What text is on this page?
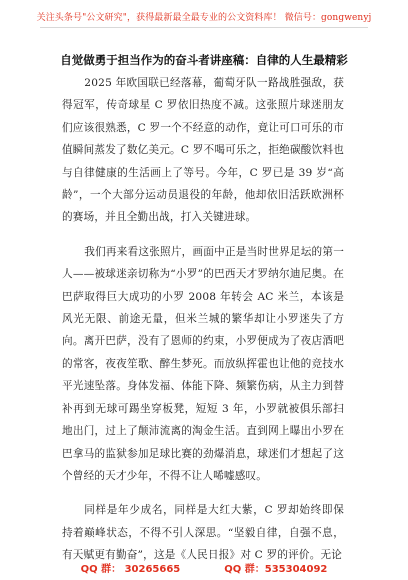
关注头条号"公文研究"，获得最新最全最专业的公文资料库！ 微信号：gongwenyj
自觉做勇于担当作为的奋斗者讲座稿：自律的人生最精彩

2025 年欧国联已经落幕，葡萄牙队一路战胜强敌，获得冠军，传奇球星 C 罗依旧热度不减。这张照片球迷朋友们应该很熟悉，C 罗一个不经意的动作，竟让可口可乐的市值瞬间蒸发了数亿美元。C 罗不喝可乐之，拒绝碳酸饮料也与自律健康的生活画上了等号。今年，C 罗已是 39 岁“高龄”，一个大部分运动员退役的年龄，他却依旧活跃欧洲杯的赛场，并且全勤出战，打入关键进球。

我们再来看这张照片，画面中正是当时世界足坛的第一人——被球迷亲切称为“小罗”的巴西天才罗纳尔迪尼奥。在巴萨取得巨大成功的小罗 2008 年转会 AC 米兰，本该是风光无限、前途无量，但米兰城的繁华却让小罗迷失了方向。离开巴萨，没有了恩师的约束，小罗便成为了夜店酒吧的常客，夜夜笙歌、醉生梦死。而放纵挥霍也让他的竞技水平光速坠落。身体发福、体能下降、频繁伤病，从主力到替补再到无球可踢坐穿板凳，短短 3 年，小罗就被俱乐部扫地出门，过上了颠沛流离的淘金生活。直到网上曝出小罗在巴拿马的监狱参加足球比赛的劲爆消息，球迷们才想起了这个曾经的天才少年，不得不让人唏嘘感叹。

同样是年少成名，同样是大红大紫，C 罗却始终即保持着巅峰状态，不得不引人深思。“坚毅自律，自强不息，有天赋更有勤奋”，这是《人民日报》对 C 罗的评价。无论

QQ 群： 30265665	QQ 群：535304092
